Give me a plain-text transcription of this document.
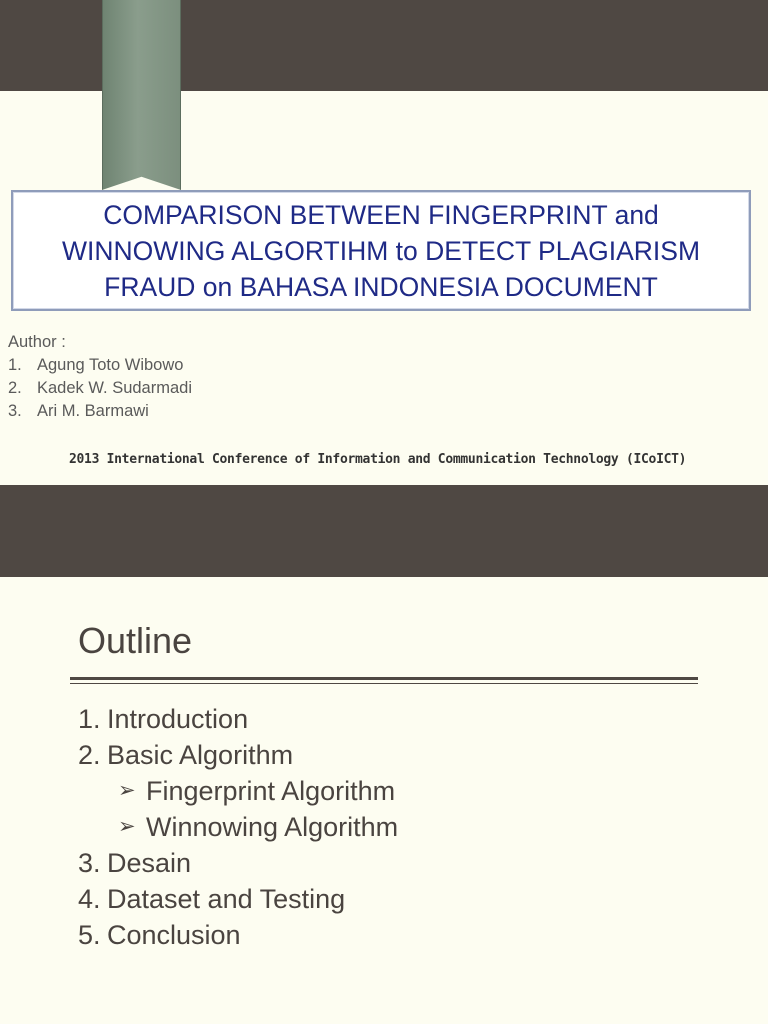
COMPARISON BETWEEN FINGERPRINT and
WINNOWING ALGORTIHM to DETECT PLAGIARISM
FRAUD on BAHASA INDONESIA DOCUMENT
Author :
1. Agung Toto Wibowo
2. Kadek W. Sudarmadi
3. Ari M. Barmawi
2013 International Conference of Information and Communication Technology (ICoICT)
Outline
1. Introduction
2. Basic Algorithm
➢ Fingerprint Algorithm
➢ Winnowing Algorithm
3. Desain
4. Dataset and Testing
5. Conclusion
